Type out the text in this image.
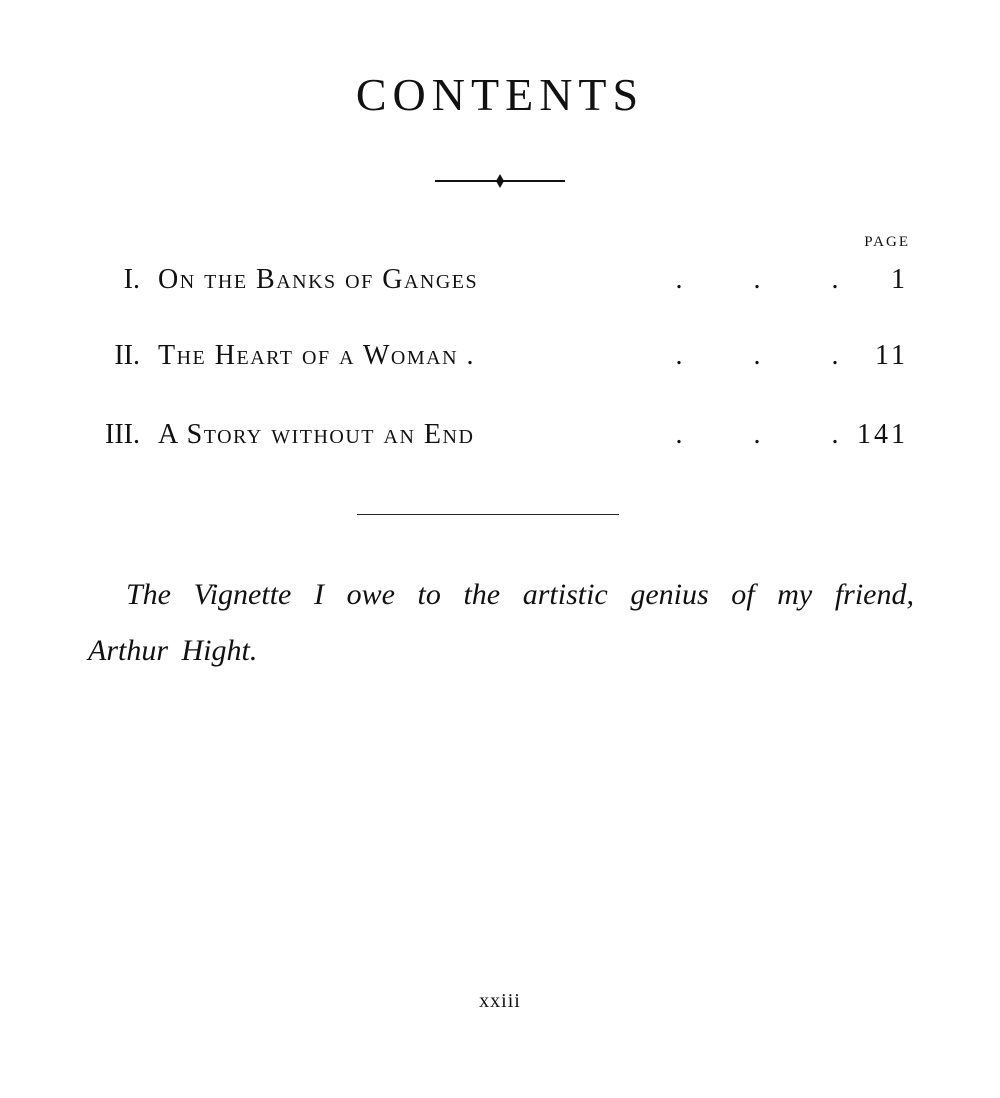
CONTENTS
PAGE
I. On the Banks of Ganges	.	.	. 1
II. The Heart of a Woman .	.	.	. 11
III. A Story without an End	.	.	. 141

The Vignette I owe to the artistic genius of my friend, Arthur Hight.

xxiii
